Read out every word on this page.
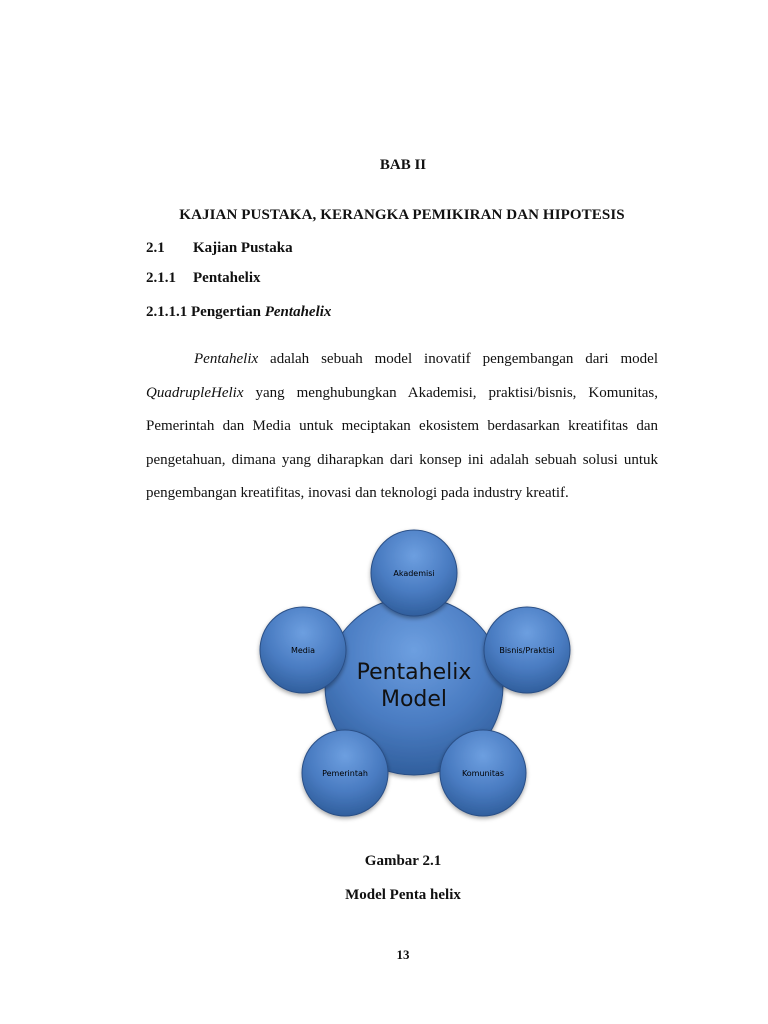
BAB II
KAJIAN PUSTAKA, KERANGKA PEMIKIRAN DAN HIPOTESIS
2.1 Kajian Pustaka
2.1.1 Pentahelix
2.1.1.1 Pengertian Pentahelix
Pentahelix adalah sebuah model inovatif pengembangan dari model QuadrupleHelix yang menghubungkan Akademisi, praktisi/bisnis, Komunitas, Pemerintah dan Media untuk meciptakan ekosistem berdasarkan kreatifitas dan pengetahuan, dimana yang diharapkan dari konsep ini adalah sebuah solusi untuk pengembangan kreatifitas, inovasi dan teknologi pada industry kreatif.
Pentahelix
Model
Akademisi
Bisnis/Praktisi
Komunitas
Pemerintah
Media
Gambar 2.1
Model Penta helix
13
